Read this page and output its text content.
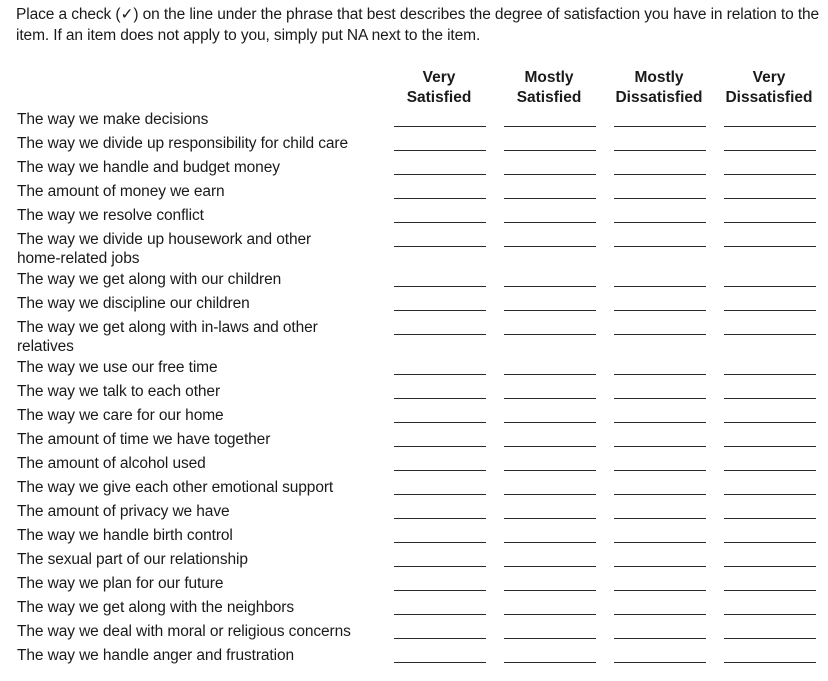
Place a check (✓) on the line under the phrase that best describes the degree of satisfaction you have in relation to the item. If an item does not apply to you, simply put NA next to the item.
Very
Satisfied
Mostly
Satisfied
Mostly
Dissatisfied
Very
Dissatisfied
The way we make decisions
The way we divide up responsibility for child care
The way we handle and budget money
The amount of money we earn
The way we resolve conflict
The way we divide up housework and other home-related jobs
The way we get along with our children
The way we discipline our children
The way we get along with in-laws and other relatives
The way we use our free time
The way we talk to each other
The way we care for our home
The amount of time we have together
The amount of alcohol used
The way we give each other emotional support
The amount of privacy we have
The way we handle birth control
The sexual part of our relationship
The way we plan for our future
The way we get along with the neighbors
The way we deal with moral or religious concerns
The way we handle anger and frustration
